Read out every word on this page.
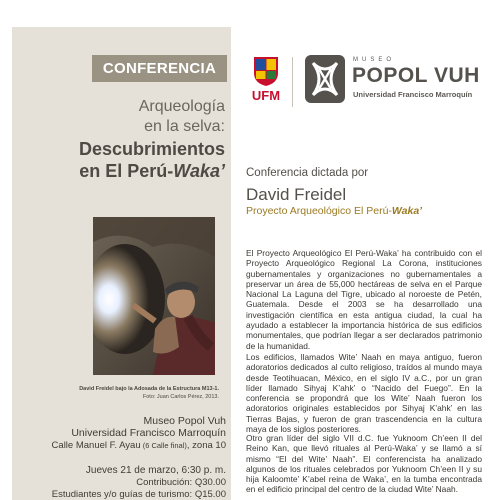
CONFERENCIA
Arqueología
en la selva:
Descubrimientos
en El Perú-Waka’
David Freidel bajo la Adosada de la Estructura M13-1.
Foto: Juan Carlos Pérez, 2013.
Museo Popol Vuh
Universidad Francisco Marroquín
Calle Manuel F. Ayau (6 Calle final), zona 10
Jueves 21 de marzo, 6:30 p. m.
Contribución: Q30.00
Estudiantes y/o guías de turismo: Q15.00
UFM
MUSEO
POPOL VUH
Universidad Francisco Marroquín
Conferencia dictada por
David Freidel
Proyecto Arqueológico El Perú-Waka’
El Proyecto Arqueológico El Perú-Waka’ ha contribuido con el Proyecto Arqueológico Regional La Corona, instituciones gubernamentales y organizaciones no gubernamentales a preservar un área de 55,000 hectáreas de selva en el Parque Nacional La Laguna del Tigre, ubicado al noroeste de Petén, Guatemala. Desde el 2003 se ha desarrollado una investigación científica en esta antigua ciudad, la cual ha ayudado a establecer la importancia histórica de sus edificios monumentales, que podrían llegar a ser declarados patrimonio de la humanidad.
Los edificios, llamados Wite’ Naah en maya antiguo, fueron adoratorios dedicados al culto religioso, traídos al mundo maya desde Teotihuacan, México, en el siglo IV a.C., por un gran líder llamado Sihyaj K’ahk’ o “Nacido del Fuego”. En la conferencia se propondrá que los Wite’ Naah fueron los adoratorios originales establecidos por Sihyaj K’ahk’ en las Tierras Bajas, y fueron de gran trascendencia en la cultura maya de los siglos posteriores.
Otro gran líder del siglo VII d.C. fue Yuknoom Ch’een II del Reino Kan, que llevó rituales al Perú-Waka’ y se llamó a sí mismo “El del Wite’ Naah”. El conferencista ha analizado algunos de los rituales celebrados por Yuknoom Ch’een II y su hija Kaloomte’ K’abel reina de Waka’, en la tumba encontrada en el edificio principal del centro de la ciudad Wite’ Naah.
